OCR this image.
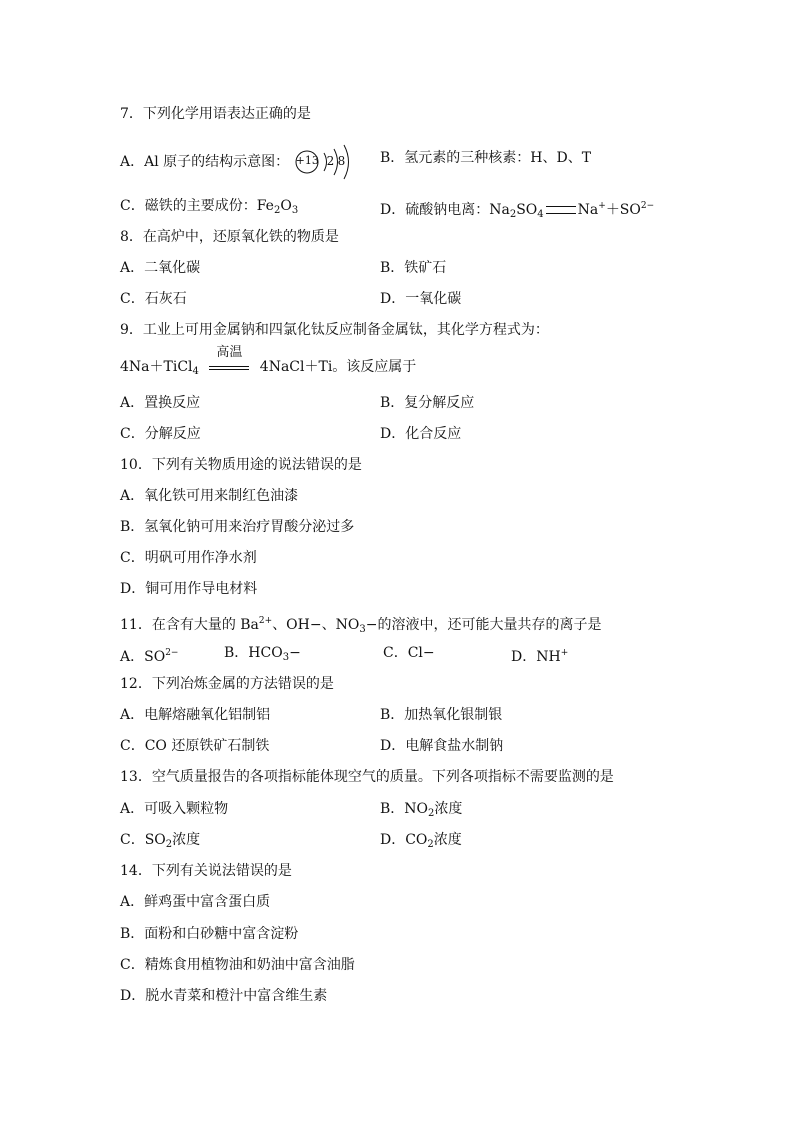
7．下列化学用语表达正确的是
A．Al 原子的结构示意图： +13 2 8 B．氢元素的三种核素：H、D、T
C．磁铁的主要成份：$Fe_2O_3$	D．硫酸钠电离：$Na_2SO_4$ $Na^++SO^{2-}$
8．在高炉中，还原氧化铁的物质是
A．二氧化碳	B．铁矿石
C．石灰石	D．一氧化碳
9．工业上可用金属钠和四氯化钛反应制备金属钛，其化学方程式为：
4Na＋TiCl$_4$
高温
4NaCl＋Ti。该反应属于
A．置换反应	B．复分解反应
C．分解反应	D．化合反应
10．下列有关物质用途的说法错误的是
A．氧化铁可用来制红色油漆
B．氢氧化钠可用来治疗胃酸分泌过多
C．明矾可用作净水剂
D．铜可用作导电材料
11．在含有大量的 $Ba^{2+}$、OH−、$NO_3-$的溶液中，还可能大量共存的离子是
A．$SO^{2-}$	B．$HCO_3-$	C．Cl−	D．NH+
12．下列冶炼金属的方法错误的是
A．电解熔融氧化铝制铝	B．加热氧化银制银
C．CO 还原铁矿石制铁	D．电解食盐水制钠
13．空气质量报告的各项指标能体现空气的质量。下列各项指标不需要监测的是
A．可吸入颗粒物	B．$NO_2$浓度
C．$SO_2$浓度	D．$CO_2$浓度
14．下列有关说法错误的是
A．鲜鸡蛋中富含蛋白质
B．面粉和白砂糖中富含淀粉
C．精炼食用植物油和奶油中富含油脂
D．脱水青菜和橙汁中富含维生素
